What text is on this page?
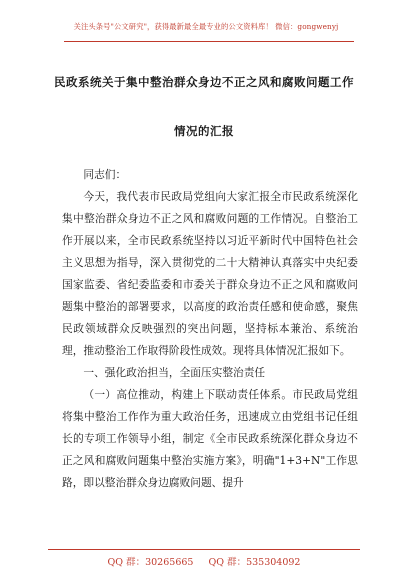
关注头条号"公文研究"，获得最新最全最专业的公文资料库！ 微信：gongwenyj
民政系统关于集中整治群众身边不正之风和腐败问题工作
情况的汇报

同志们：

今天，我代表市民政局党组向大家汇报全市民政系统深化集中整治群众身边不正之风和腐败问题的工作情况。自整治工作开展以来，全市民政系统坚持以习近平新时代中国特色社会主义思想为指导，深入贯彻党的二十大精神认真落实中央纪委国家监委、省纪委监委和市委关于群众身边不正之风和腐败问题集中整治的部署要求，以高度的政治责任感和使命感，聚焦民政领域群众反映强烈的突出问题，坚持标本兼治、系统治理，推动整治工作取得阶段性成效。现将具体情况汇报如下。

一、强化政治担当，全面压实整治责任

（一）高位推动，构建上下联动责任体系。市民政局党组将集中整治工作作为重大政治任务，迅速成立由党组书记任组长的专项工作领导小组，制定《全市民政系统深化群众身边不正之风和腐败问题集中整治实施方案》，明确"1+3+N"工作思路，即以整治群众身边腐败问题、提升

QQ 群：30265665 QQ 群：535304092
